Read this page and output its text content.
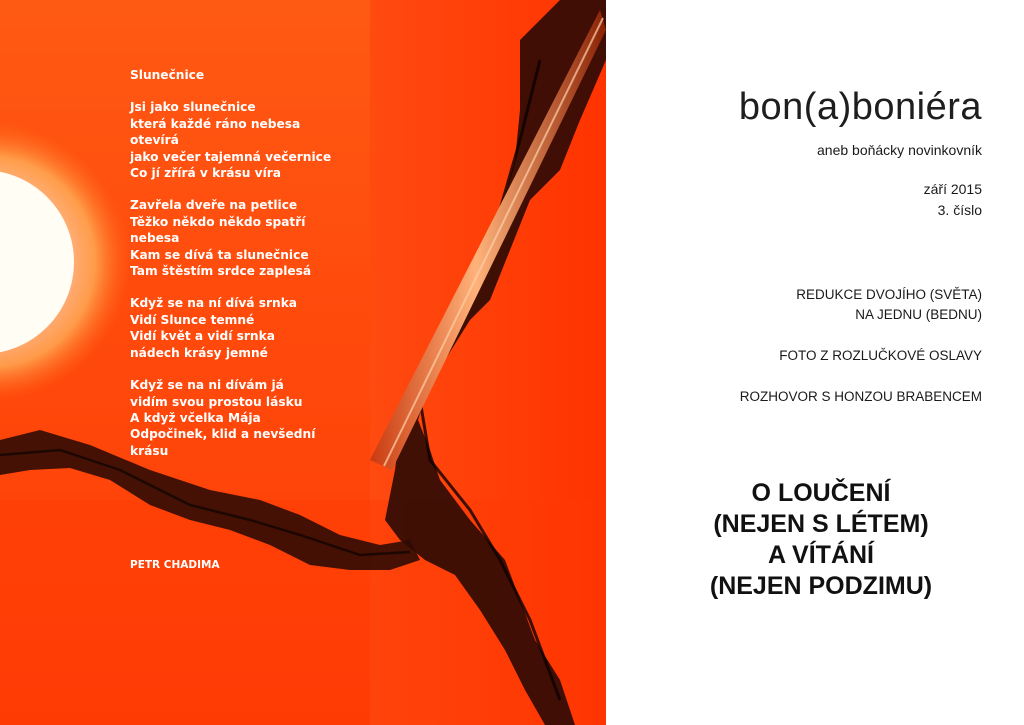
Slunečnice
Jsi jako slunečnice
která každé ráno nebesa
otevírá
jako večer tajemná večernice
Co jí zřírá v krásu víra
Zavřela dveře na petlice
Těžko někdo někdo spatří
nebesa
Kam se dívá ta slunečnice
Tam štěstím srdce zaplesá
Když se na ní dívá srnka
Vidí Slunce temné
Vidí květ a vidí srnka
nádech krásy jemné
Když se na ni dívám já
vidím svou prostou lásku
A když včelka Mája
Odpočinek, klid a nevšední
krásu
PETR CHADIMA
bon(a)boniéra
aneb boňácky novinkovník
září 2015
3. číslo
REDUKCE DVOJÍHO (SVĚTA)
NA JEDNU (BEDNU)
FOTO Z ROZLUČKOVÉ OSLAVY
ROZHOVOR S HONZOU BRABENCEM
O LOUČENÍ
(NEJEN S LÉTEM)
A VÍTÁNÍ
(NEJEN PODZIMU)
